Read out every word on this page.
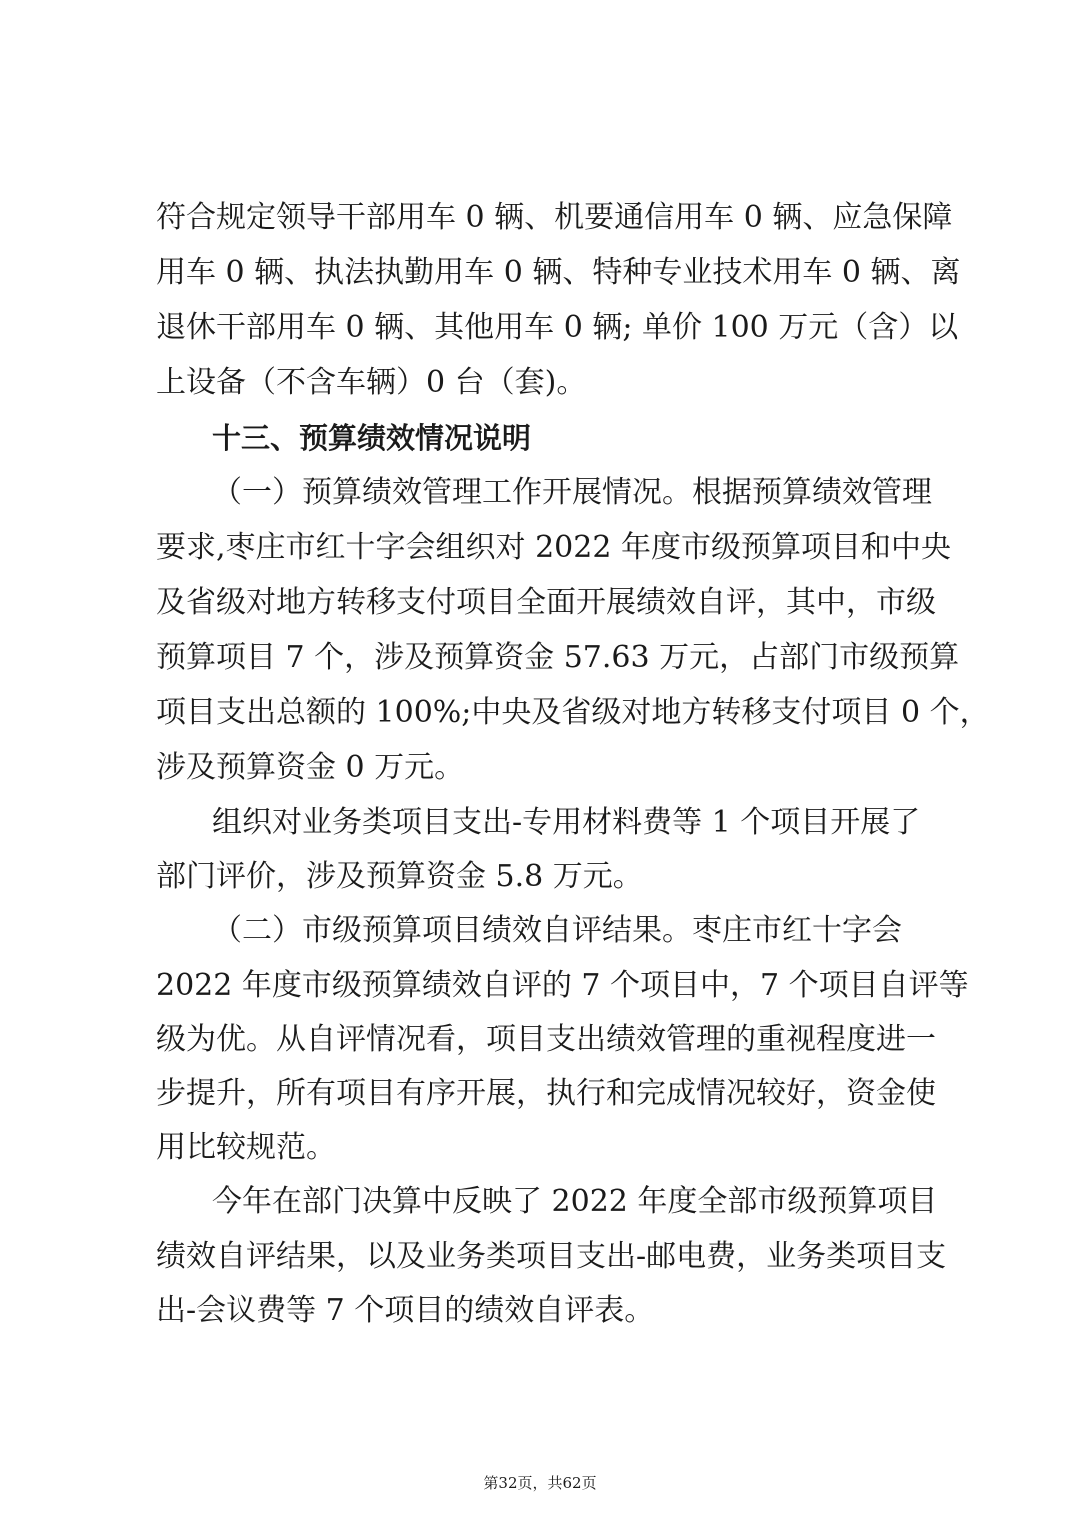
符合规定领导干部用车 0 辆、机要通信用车 0 辆、应急保障
用车 0 辆、执法执勤用车 0 辆、特种专业技术用车 0 辆、离
退休干部用车 0 辆、其他用车 0 辆; 单价 100 万元（含）以
上设备（不含车辆）0 台（套)。
十三、预算绩效情况说明
（一）预算绩效管理工作开展情况。根据预算绩效管理
要求,枣庄市红十字会组织对 2022 年度市级预算项目和中央
及省级对地方转移支付项目全面开展绩效自评，其中，市级
预算项目 7 个，涉及预算资金 57.63 万元，占部门市级预算
项目支出总额的 100%;中央及省级对地方转移支付项目 0 个，
涉及预算资金 0 万元。
组织对业务类项目支出-专用材料费等 1 个项目开展了
部门评价，涉及预算资金 5.8 万元。
（二）市级预算项目绩效自评结果。枣庄市红十字会
2022 年度市级预算绩效自评的 7 个项目中，7 个项目自评等
级为优。从自评情况看，项目支出绩效管理的重视程度进一
步提升，所有项目有序开展，执行和完成情况较好，资金使
用比较规范。
今年在部门决算中反映了 2022 年度全部市级预算项目
绩效自评结果，以及业务类项目支出-邮电费，业务类项目支
出-会议费等 7 个项目的绩效自评表。
第32页，共62页
